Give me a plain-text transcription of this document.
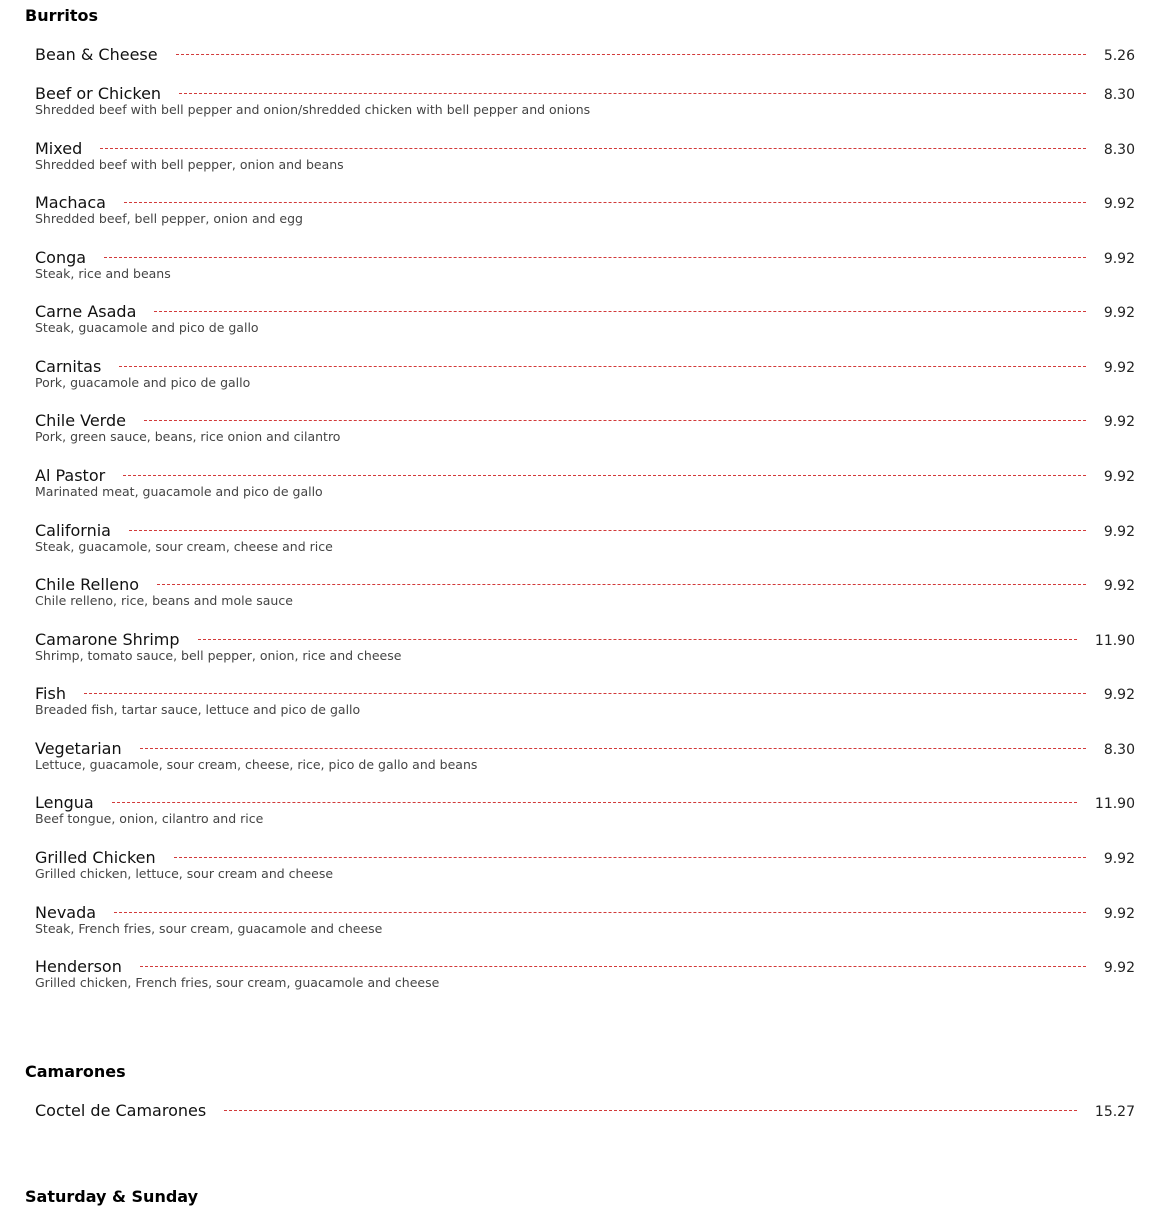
Burritos
Bean & Cheese	5.26
Beef or Chicken	8.30
Shredded beef with bell pepper and onion/shredded chicken with bell pepper and onions
Mixed	8.30
Shredded beef with bell pepper, onion and beans
Machaca	9.92
Shredded beef, bell pepper, onion and egg
Conga	9.92
Steak, rice and beans
Carne Asada	9.92
Steak, guacamole and pico de gallo
Carnitas	9.92
Pork, guacamole and pico de gallo
Chile Verde	9.92
Pork, green sauce, beans, rice onion and cilantro
Al Pastor	9.92
Marinated meat, guacamole and pico de gallo
California	9.92
Steak, guacamole, sour cream, cheese and rice
Chile Relleno	9.92
Chile relleno, rice, beans and mole sauce
Camarone Shrimp	11.90
Shrimp, tomato sauce, bell pepper, onion, rice and cheese
Fish	9.92
Breaded fish, tartar sauce, lettuce and pico de gallo
Vegetarian	8.30
Lettuce, guacamole, sour cream, cheese, rice, pico de gallo and beans
Lengua	11.90
Beef tongue, onion, cilantro and rice
Grilled Chicken	9.92
Grilled chicken, lettuce, sour cream and cheese
Nevada	9.92
Steak, French fries, sour cream, guacamole and cheese
Henderson	9.92
Grilled chicken, French fries, sour cream, guacamole and cheese
Camarones
Coctel de Camarones	15.27
Saturday & Sunday
